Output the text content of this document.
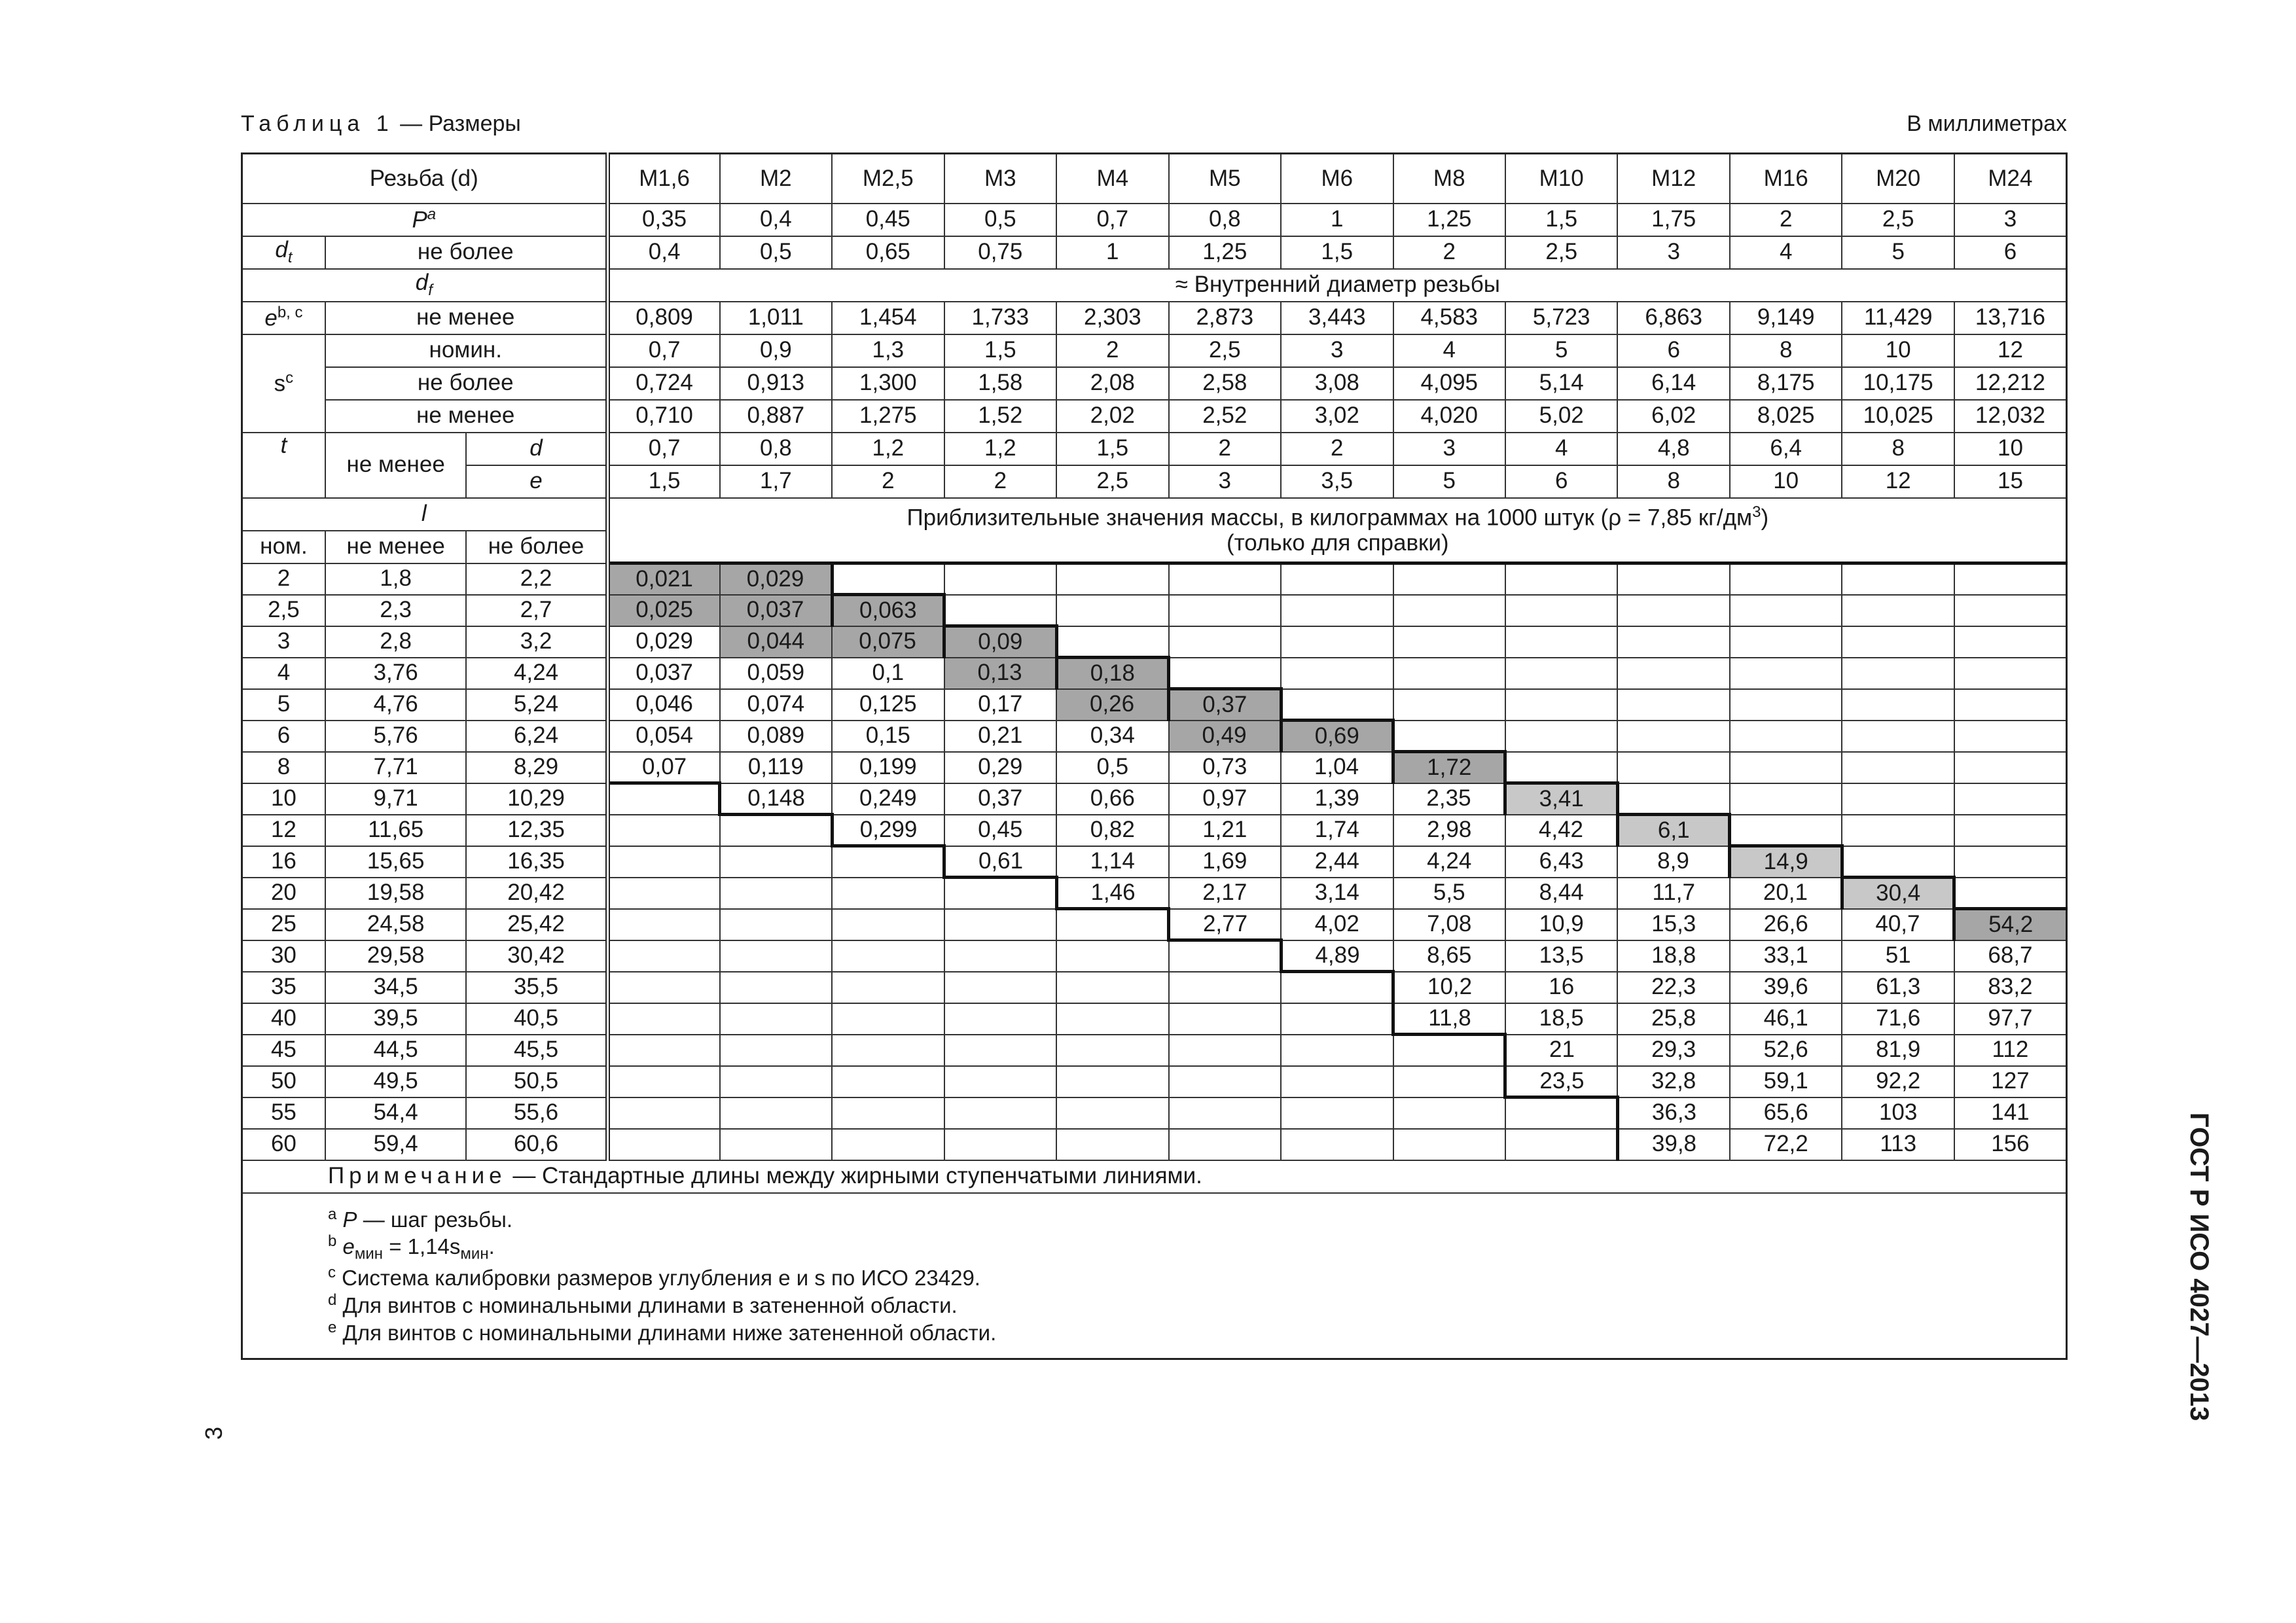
Таблица 1 — Размеры	В миллиметрах
ГОСТ Р ИСО 4027—2013
3
Резьба (d)			M1,6	M2	M2,5	M3	M4	M5	M6	M8	M10	M12	M16	M20	M24
$P^a$			0,35	0,4	0,45	0,5	0,7	0,8	1	1,25	1,5	1,75	2	2,5	3
$d_t$	не более		0,4	0,5	0,65	0,75	1	1,25	1,5	2	2,5	3	4	5	6
$d_f$			≈ Внутренний диаметр резьбы												
$e^{b, c}$	не менее		0,809	1,011	1,454	1,733	2,303	2,873	3,443	4,583	5,723	6,863	9,149	11,429	13,716
$s^c$	номин.		0,7	0,9	1,3	1,5	2	2,5	3	4	5	6	8	10	12
	не более		0,724	0,913	1,300	1,58	2,08	2,58	3,08	4,095	5,14	6,14	8,175	10,175	12,212
	не менее		0,710	0,887	1,275	1,52	2,02	2,52	3,02	4,020	5,02	6,02	8,025	10,025	12,032
t	не менее	d	0,7	0,8	1,2	1,2	1,5	2	2	3	4	4,8	6,4	8	10
		e	1,5	1,7	2	2	2,5	3	3,5	5	6	8	10	12	15
l			Приблизительные значения массы, в килограммах на 1000 штук (ρ = 7,85 $кг/дм^3$)
(только для справки)												

ном.	не менее	не более													
2	1,8	2,2	0,021	0,029											
2,5	2,3	2,7	0,025	0,037	0,063										
3	2,8	3,2	0,029	0,044	0,075	0,09									
4	3,76	4,24	0,037	0,059	0,1	0,13	0,18								
5	4,76	5,24	0,046	0,074	0,125	0,17	0,26	0,37							
6	5,76	6,24	0,054	0,089	0,15	0,21	0,34	0,49	0,69						
8	7,71	8,29	0,07	0,119	0,199	0,29	0,5	0,73	1,04	1,72					
10	9,71	10,29		0,148	0,249	0,37	0,66	0,97	1,39	2,35	3,41				
12	11,65	12,35			0,299	0,45	0,82	1,21	1,74	2,98	4,42	6,1			
16	15,65	16,35				0,61	1,14	1,69	2,44	4,24	6,43	8,9	14,9		
20	19,58	20,42					1,46	2,17	3,14	5,5	8,44	11,7	20,1	30,4	
25	24,58	25,42						2,77	4,02	7,08	10,9	15,3	26,6	40,7	54,2
30	29,58	30,42							4,89	8,65	13,5	18,8	33,1	51	68,7
35	34,5	35,5								10,2	16	22,3	39,6	61,3	83,2
40	39,5	40,5								11,8	18,5	25,8	46,1	71,6	97,7
45	44,5	45,5									21	29,3	52,6	81,9	112
50	49,5	50,5									23,5	32,8	59,1	92,2	127
55	54,4	55,6										36,3	65,6	103	141
60	59,4	60,6										39,8	72,2	113	156
Примечание — Стандартные длины между жирными ступенчатыми линиями.															

$^a$ P — шаг резьбы.
$^b$ $e_{мин} = 1,14s_{мин}$.
$^c$ Система калибровки размеров углубления e и s по ИСО 23429.
$^d$ Для винтов с номинальными длинами в затененной области.
$^e$ Для винтов с номинальными длинами ниже затененной области.															
